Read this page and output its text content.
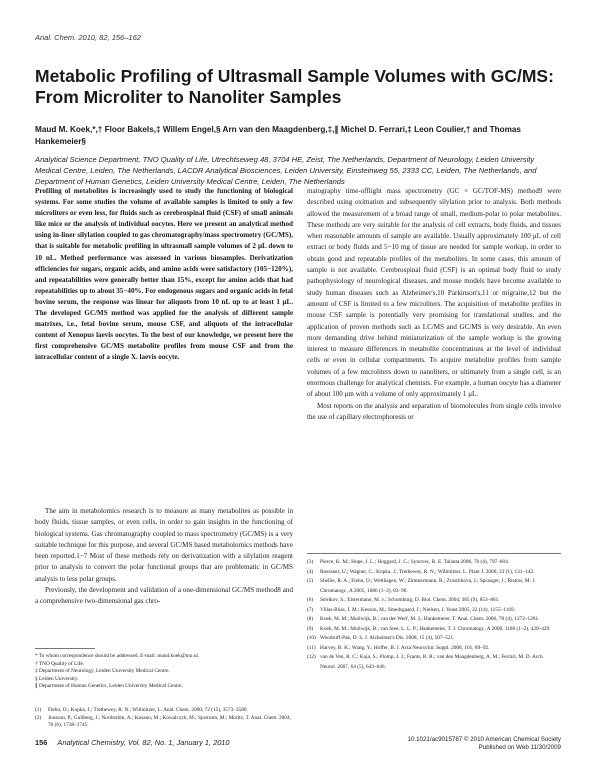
Anal. Chem. 2010, 82, 156–162
Metabolic Profiling of Ultrasmall Sample Volumes with GC/MS: From Microliter to Nanoliter Samples

Maud M. Koek,*,† Floor Bakels,‡ Willem Engel,§ Arn van den Maagdenberg,‡,∥ Michel D. Ferrari,‡ Leon Coulier,† and Thomas Hankemeier§

Analytical Science Department, TNO Quality of Life, Utrechtseweg 48, 3704 HE, Zeist, The Netherlands, Department of Neurology, Leiden University Medical Centre, Leiden, The Netherlands, LACDR Analytical Biosciences, Leiden University, Einsteinweg 55, 2333 CC, Leiden, The Netherlands, and Department of Human Genetics, Leiden University Medical Centre, Leiden, The Netherlands

Profiling of metabolites is increasingly used to study the functioning of biological systems. For some studies the volume of available samples is limited to only a few microliters or even less, for fluids such as cerebrospinal fluid (CSF) of small animals like mice or the analysis of individual oocytes. Here we present an analytical method using in-liner silylation coupled to gas chromatography/mass spectrometry (GC/MS), that is suitable for metabolic profiling in ultrasmall sample volumes of 2 μL down to 10 nL. Method performance was assessed in various biosamples. Derivatization efficiencies for sugars, organic acids, and amino acids were satisfactory (105−120%), and repeatabilities were generally better than 15%, except for amino acids that had repeatabilities up to about 35−40%. For endogenous sugars and organic acids in fetal bovine serum, the response was linear for aliquots from 10 nL up to at least 1 μL. The developed GC/MS method was applied for the analysis of different sample matrixes, i.e., fetal bovine serum, mouse CSF, and aliquots of the intracellular content of Xenopus laevis oocytes. To the best of our knowledge, we present here the first comprehensive GC/MS metabolite profiles from mouse CSF and from the intracellular content of a single X. laevis oocyte.

The aim in metabolomics research is to measure as many metabolites as possible in body fluids, tissue samples, or even cells, in order to gain insights in the functioning of biological systems. Gas chromatography coupled to mass spectrometry (GC/MS) is a very suitable technique for this purpose, and several GC/MS based metabolomics methods have been reported.1−7 Most of these methods rely on derivatization with a silylation reagent prior to analysis to convert the polar functional groups that are problematic in GC/MS analysis to less polar groups.

Previously, the development and validation of a one-dimensional GC/MS method8 and a comprehensive two-dimensional gas chro-

* To whom correspondence should be addressed. E-mail: maud.koek@tno.nl.
† TNO Quality of Life.
‡ Department of Neurology, Leiden University Medical Centre.
§ Leiden University.
∥ Department of Human Genetics, Leiden University Medical Centre.
(1)	Fiehn, O.; Kopka, J.; Trethewey, R. N.; Willmitzer, L. Anal. Chem. 2000, 72 (15), 3573–3580.
(2)	Jonsson, P.; Gullberg, J.; Nordström, A.; Kusano, M.; Kowalczyk, M.; Sjostrom, M.; Moritz, T. Anal. Chem. 2004, 76 (6), 1738–1745.

matography time-offlight mass spectrometry (GC × GC/TOF-MS) method9 were described using oximation and subsequently silylation prior to analysis. Both methods allowed the measurement of a broad range of small, medium-polar to polar metabolites. These methods are very suitable for the analysis of cell extracts, body fluids, and tissues when reasonable amounts of sample are available. Usually approximately 100 μL of cell extract or body fluids and 5−10 mg of tissue are needed for sample workup, in order to obtain good and repeatable profiles of the metabolites. In some cases, this amount of sample is not available. Cerebrospinal fluid (CSF) is an optimal body fluid to study pathophysiology of neurological diseases, and mouse models have become available to study human diseases such as Alzheimer's,10 Parkinson's,11 or migraine,12 but the amount of CSF is limited to a few microliters. The acquisition of metabolite profiles in mouse CSF sample is potentially very promising for translational studies, and the application of proven methods such as LC/MS and GC/MS is very desirable. An even more demanding drive behind miniaturization of the sample workup is the growing interest to measure differences in metabolite concentrations at the level of individual cells or even in cellular compartments. To acquire metabolite profiles from sample volumes of a few microliters down to nanoliters, or ultimately from a single cell, is an enormous challenge for analytical chemists. For example, a human oocyte has a diameter of about 100 μm with a volume of only approximately 1 μL.

Most reports on the analysis and separation of biomolecules from single cells involve the use of capillary electrophoresis or

(3)	Pierce, K. M.; Hope, J. L.; Hoggard, J. C.; Synovec, R. E. Talanta 2006, 70 (4), 797–804.
(4)	Roessner, U.; Wagner, C.; Kopka, J.; Trethewey, R. N.; Willmitzer, L. Plant J. 2000, 23 (1), 131–142.
(5)	Shellie, R. A.; Fiehn, O.; Welthagen, W.; Zimmermann, R.; Zrostlíkova, J.; Spranger, J.; Ristow, M. J. Chromatogr., A 2005, 1086 (1–2), 83–90.
(6)	Strelkov, S.; Elstermann, M. v.; Schomburg, D. Biol. Chem. 2004, 385 (9), 853–861.
(7)	Villas-Bôas, J. M.; Kesson, M.; Smedsgaard, J.; Nielsen, J. Yeast 2005, 22 (14), 1155–1169.
(8)	Koek, M. M.; Muilwijk, B.; van der Werf, M. J.; Hankemeier, T. Anal. Chem. 2006, 78 (4), 1272–1281.
(9)	Koek, M. M.; Muilwijk, B.; van Stee, L. L. P.; Hankemeier, T. J. Chromatogr., A 2008, 1186 (1–2), 420–429.
(10) Woodruff-Pak, D. S. J. Alzheimer's Dis. 2008, 15 (4), 507–521.
(11) Harvey, B. K.; Wang, Y.; Hoffer, B. J. Acta Neurochir. Suppl. 2008, 101, 89–92.
(12) van de Ven, R. C.; Kaja, S.; Plomp, J. J.; Frants, R. R.; van den Maagdenberg, A. M.; Ferrari, M. D. Arch. Neurol. 2007, 64 (5), 643–646.
156 Analytical Chemistry, Vol. 82, No. 1, January 1, 2010	10.1021/ac901578​7 © 2010 American Chemical Society
Published on Web 11/30/2009
